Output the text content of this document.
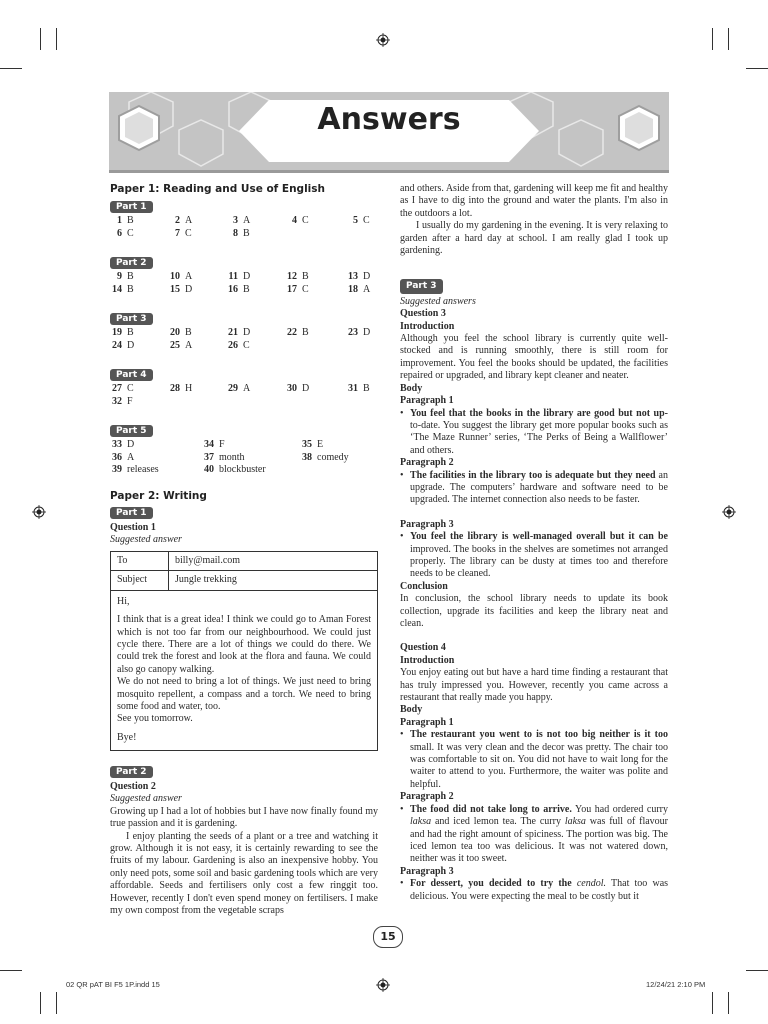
Answers
Paper 1: Reading and Use of English
Part 1
1 B	2 A	3 A	4 C	5 C
6 C	7 C	8 B
Part 2
9 B	10 A	11 D	12 B	13 D
14 B	15 D	16 B	17 C	18 A
Part 3
19 B	20 B	21 D	22 B	23 D
24 D	25 A	26 C
Part 4
27 C	28 H	29 A	30 D	31 B
32 F
Part 5
33 D	34 F	35 E
36 A	37 month	38 comedy
39 releases	40 blockbuster
Paper 2: Writing
Part 1
Question 1
Suggested answer
To	billy@mail.com
Subject	Jungle trekking

Hi,
I think that is a great idea! I think we could go to Aman Forest which is not too far from our neighbourhood. We could just cycle there. There are a lot of things we could do there. We could trek the forest and look at the flora and fauna. We could also go canopy walking.
We do not need to bring a lot of things. We just need to bring mosquito repellent, a compass and a torch. We need to bring some food and water, too.
See you tomorrow.
Bye!	
Part 2
Question 2
Suggested answer
Growing up I had a lot of hobbies but I have now finally found my true passion and it is gardening.
I enjoy planting the seeds of a plant or a tree and watching it grow. Although it is not easy, it is certainly rewarding to see the fruits of my labour. Gardening is also an inexpensive hobby. You only need pots, some soil and basic gardening tools which are very affordable. Seeds and fertilisers only cost a few ringgit too. However, recently I don't even spend money on fertilisers. I make my own compost from the vegetable scraps
and others. Aside from that, gardening will keep me fit and healthy as I have to dig into the ground and water the plants. I'm also in the outdoors a lot.
I usually do my gardening in the evening. It is very relaxing to garden after a hard day at school. I am really glad I took up gardening.
Part 3
Suggested answers
Question 3
Introduction
Although you feel the school library is currently quite well-stocked and is running smoothly, there is still room for improvement. You feel the books should be updated, the facilities repaired or upgraded, and library kept cleaner and neater.
Body
Paragraph 1
• You feel that the books in the library are good but not up- to-date. You suggest the library get more popular books such as ‘The Maze Runner’ series, ‘The Perks of Being a Wallflower’ and others.
Paragraph 2
• The facilities in the library too is adequate but they need an upgrade. The computers’ hardware and software need to be upgraded. The internet connection also needs to be faster.
Paragraph 3
• You feel the library is well-managed overall but it can be improved. The books in the shelves are sometimes not arranged properly. The library can be dusty at times too and therefore needs to be cleaned.
Conclusion
In conclusion, the school library needs to update its book collection, upgrade its facilities and keep the library neat and clean.
Question 4
Introduction
You enjoy eating out but have a hard time finding a restaurant that has truly impressed you. However, recently you came across a restaurant that really made you happy.
Body
Paragraph 1
• The restaurant you went to is not too big neither is it too small. It was very clean and the decor was pretty. The chair too was comfortable to sit on. You did not have to wait long for the waiter to attend to you. Furthermore, the waiter was polite and helpful.
Paragraph 2
• The food did not take long to arrive. You had ordered curry laksa and iced lemon tea. The curry laksa was full of flavour and had the right amount of spiciness. The portion was big. The iced lemon tea too was delicious. It was not watered down, neither was it too sweet.
Paragraph 3
• For dessert, you decided to try the cendol. That too was delicious. You were expecting the meal to be costly but it
15
02 QR pAT BI F5 1P.indd 15	12/24/21 2:10 PM
